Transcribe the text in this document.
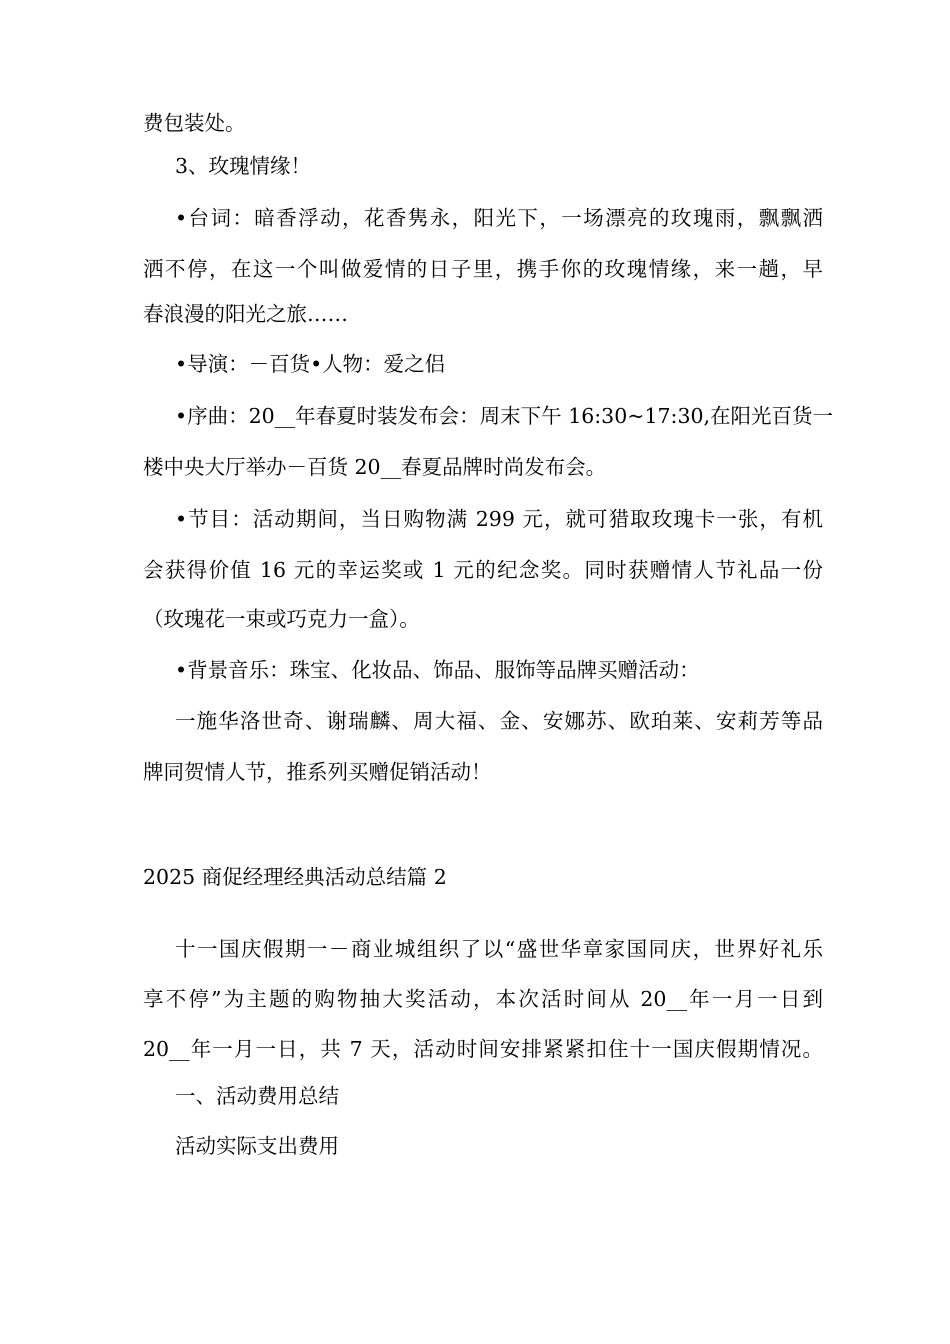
费包装处。
3、玫瑰情缘！
•台词：暗香浮动，花香隽永，阳光下，一场漂亮的玫瑰雨，飘飘洒
洒不停，在这一个叫做爱情的日子里，携手你的玫瑰情缘，来一趟，早
春浪漫的阳光之旅……
•导演：－百货•人物：爱之侣
•序曲：20__年春夏时装发布会：周末下午 16:30~17:30,在阳光百货一
楼中央大厅举办－百货 20__春夏品牌时尚发布会。
•节目：活动期间，当日购物满 299 元，就可猎取玫瑰卡一张，有机
会获得价值 16 元的幸运奖或 1 元的纪念奖。同时获赠情人节礼品一份
（玫瑰花一束或巧克力一盒）。
•背景音乐：珠宝、化妆品、饰品、服饰等品牌买赠活动：
一施华洛世奇、谢瑞麟、周大福、金、安娜苏、欧珀莱、安莉芳等品
牌同贺情人节，推系列买赠促销活动！
2025 商促经理经典活动总结篇 2
十一国庆假期一－商业城组织了以“盛世华章家国同庆，世界好礼乐
享不停”为主题的购物抽大奖活动，本次活时间从 20__年一月一日到
20__年一月一日，共 7 天，活动时间安排紧紧扣住十一国庆假期情况。
一、活动费用总结
活动实际支出费用
